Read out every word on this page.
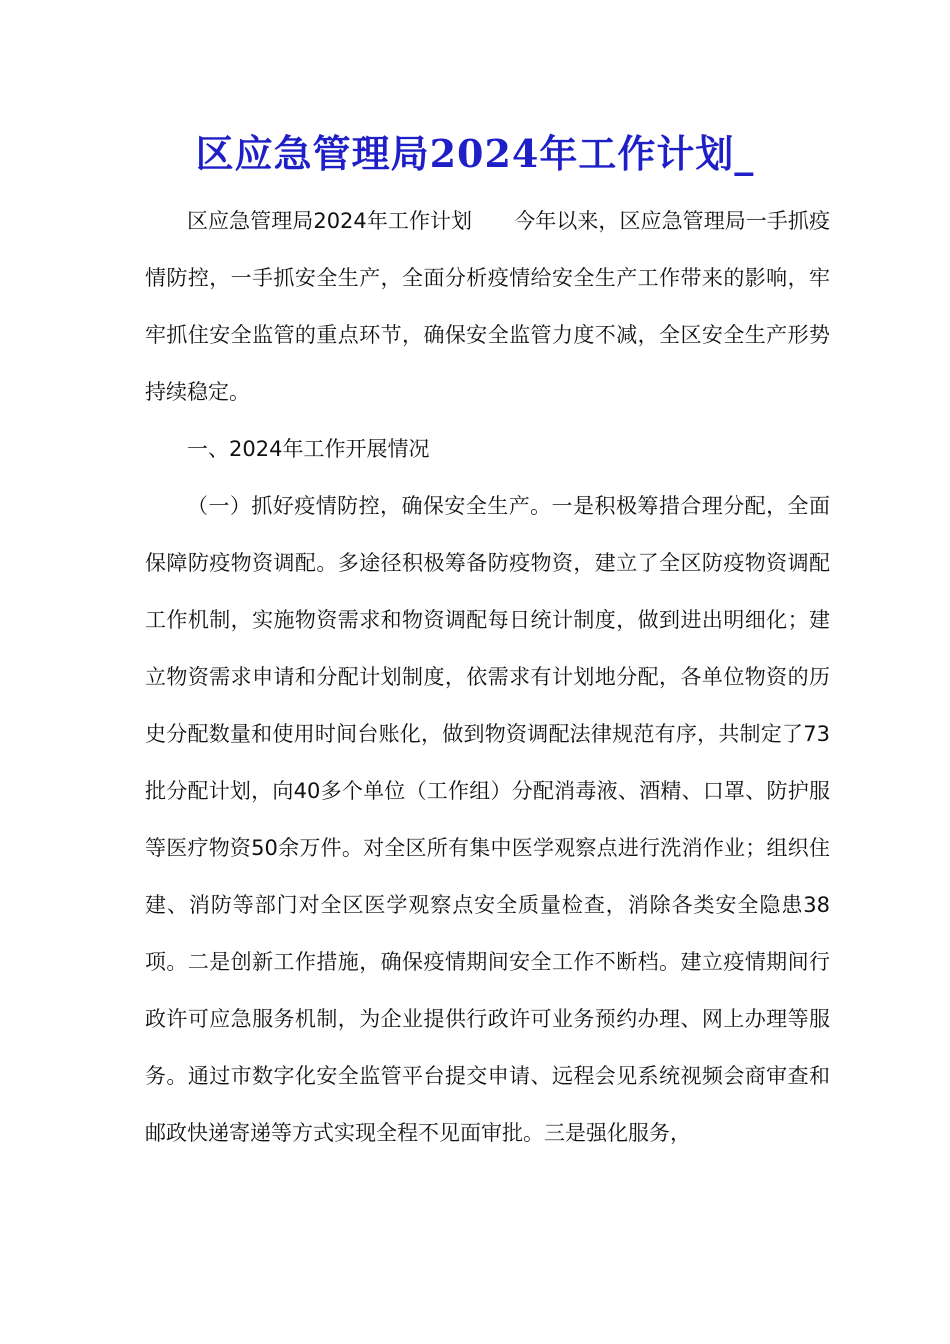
区应急管理局2024年工作计划_

区应急管理局2024年工作计划　　今年以来，区应急管理局一手抓疫情防控，一手抓安全生产，全面分析疫情给安全生产工作带来的影响，牢牢抓住安全监管的重点环节，确保安全监管力度不减，全区安全生产形势持续稳定。

一、2024年工作开展情况

（一）抓好疫情防控，确保安全生产。一是积极筹措合理分配，全面保障防疫物资调配。多途径积极筹备防疫物资，建立了全区防疫物资调配工作机制，实施物资需求和物资调配每日统计制度，做到进出明细化；建立物资需求申请和分配计划制度，依需求有计划地分配，各单位物资的历史分配数量和使用时间台账化，做到物资调配法律规范有序，共制定了73批分配计划，向40多个单位（工作组）分配消毒液、酒精、口罩、防护服等医疗物资50余万件。对全区所有集中医学观察点进行洗消作业；组织住建、消防等部门对全区医学观察点安全质量检查，消除各类安全隐患38项。二是创新工作措施，确保疫情期间安全工作不断档。建立疫情期间行政许可应急服务机制，为企业提供行政许可业务预约办理、网上办理等服务。通过市数字化安全监管平台提交申请、远程会见系统视频会商审查和邮政快递寄递等方式实现全程不见面审批。三是强化服务，
